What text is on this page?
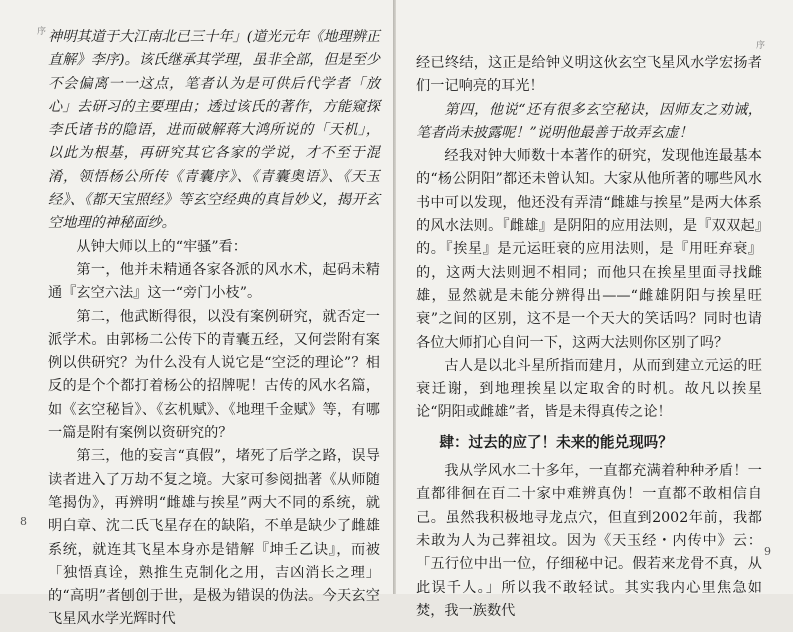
序 神明其道于大江南北已三十年」(道光元年《地理辨正直解》李序)。该氏继承其学理，虽非全部，但是至少不会偏离一一这点，笔者认为是可供后代学者「放心」去研习的主要理由；透过该氏的著作，方能窥探李氏诸书的隐语，进而破解蒋大鸿所说的「天机」，以此为根基，再研究其它各家的学说，才不至于混淆，领悟杨公所传《青囊序》、《青囊奥语》、《天玉经》、《都天宝照经》等玄空经典的真旨妙义，揭开玄空地理的神秘面纱。

从钟大师以上的“牢骚”看：

第一，他并未精通各家各派的风水术，起码未精通『玄空六法』这一“旁门小枝”。

第二，他武断得很，以没有案例研究，就否定一派学术。由郭杨二公传下的青囊五经，又何尝附有案例以供研究？为什么没有人说它是“空泛的理论”？相反的是个个都打着杨公的招牌呢！古传的风水名篇，如《玄空秘旨》、《玄机赋》、《地理千金赋》等，有哪一篇是附有案例以资研究的？

第三，他的妄言“真假”，堵死了后学之路，误导读者进入了万劫不复之境。大家可参阅拙著《从师随笔揭伪》，再辨明“雌雄与挨星”两大不同的系统，就明白章、沈二氏飞星存在的缺陷，不单是缺少了雌雄系统，就连其飞星本身亦是错解『坤壬乙诀』，而被「独悟真诠，熟推生克制化之用，吉凶消长之理」的“高明”者刨创于世，是极为错误的伪法。今天玄空飞星风水学光辉时代

8
序

经已终结，这正是给钟义明这伙玄空飞星风水学宏扬者们一记响亮的耳光！

第四，他说“还有很多玄空秘诀，因师友之劝诫，笔者尚未披露呢！”说明他最善于故弄玄虚！

经我对钟大师数十本著作的研究，发现他连最基本的“杨公阴阳”都还未曾认知。大家从他所著的哪些风水书中可以发现，他还没有弄清“雌雄与挨星”是两大体系的风水法则。『雌雄』是阴阳的应用法则，是『双双起』的。『挨星』是元运旺衰的应用法则，是『用旺弃衰』的，这两大法则迥不相同；而他只在挨星里面寻找雌雄，显然就是未能分辨得出——“雌雄阴阳与挨星旺衰”之间的区别，这不是一个天大的笑话吗？同时也请各位大师扪心自问一下，这两大法则你区别了吗？

古人是以北斗星所指而建月，从而到建立元运的旺衰迁谢，到地理挨星以定取舍的时机。故凡以挨星论“阴阳或雌雄”者，皆是未得真传之论！

肆：过去的应了！未来的能兑现吗？

我从学风水二十多年，一直都充满着种种矛盾！一直都徘徊在百二十家中难辨真伪！一直都不敢相信自己。虽然我积极地寻龙点穴，但直到2002年前，我都未敢为人为己葬祖坟。因为《天玉经・内传中》云：「五行位中出一位，仔细秘中记。假若来龙骨不真，从此误千人。」所以我不敢轻试。其实我内心里焦急如焚，我一族数代

9
